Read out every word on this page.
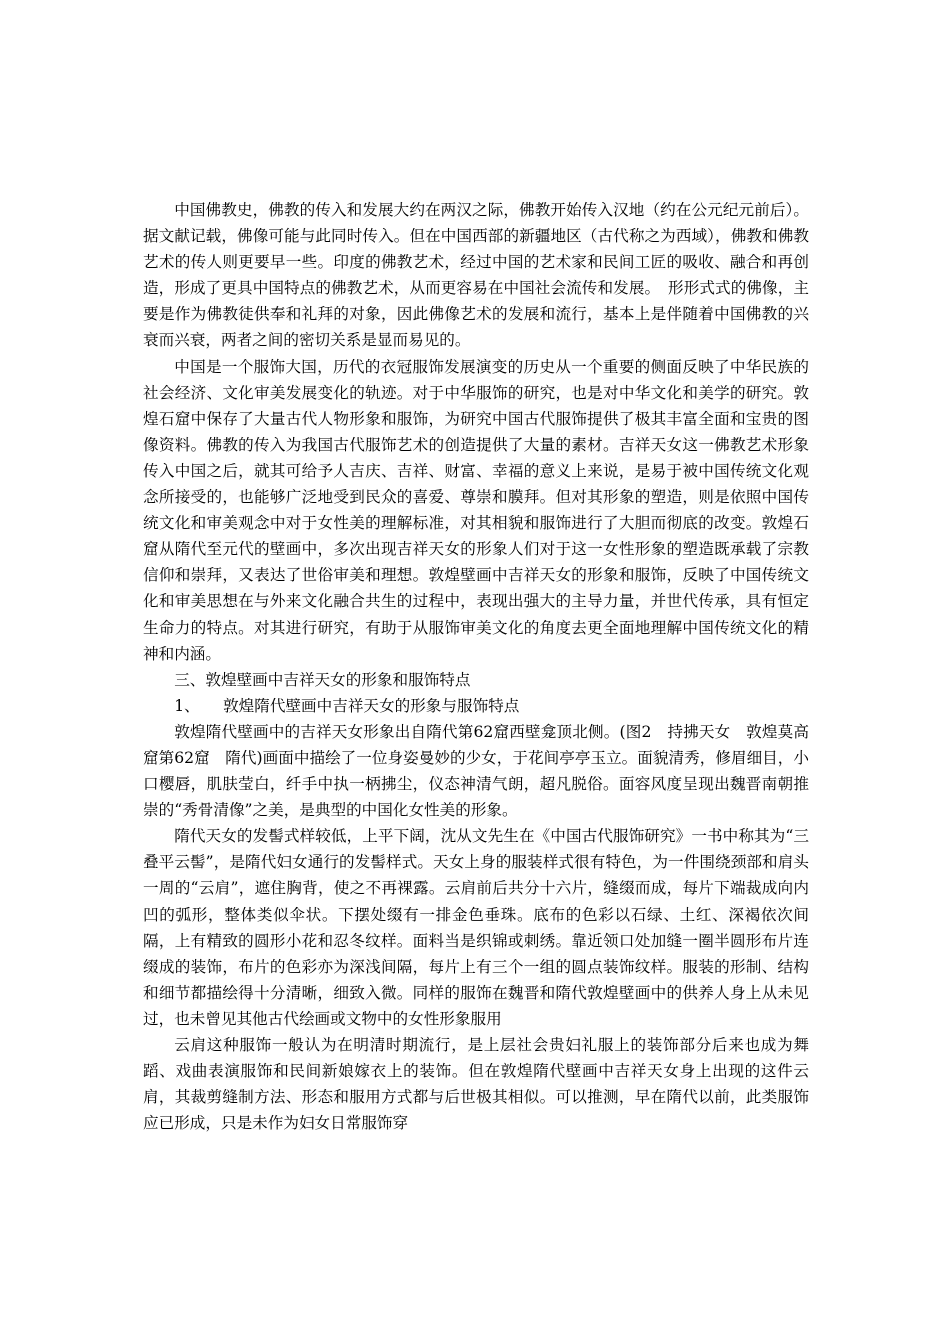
中国佛教史，佛教的传入和发展大约在两汉之际，佛教开始传入汉地（约在公元纪元前后）。据文献记载，佛像可能与此同时传入。但在中国西部的新疆地区（古代称之为西域），佛教和佛教艺术的传人则更要早一些。印度的佛教艺术，经过中国的艺术家和民间工匠的吸收、融合和再创造，形成了更具中国特点的佛教艺术，从而更容易在中国社会流传和发展。　形形式式的佛像，主要是作为佛教徒供奉和礼拜的对象，因此佛像艺术的发展和流行，基本上是伴随着中国佛教的兴衰而兴衰，两者之间的密切关系是显而易见的。

中国是一个服饰大国，历代的衣冠服饰发展演变的历史从一个重要的侧面反映了中华民族的社会经济、文化审美发展变化的轨迹。对于中华服饰的研究，也是对中华文化和美学的研究。敦煌石窟中保存了大量古代人物形象和服饰，为研究中国古代服饰提供了极其丰富全面和宝贵的图像资料。佛教的传入为我国古代服饰艺术的创造提供了大量的素材。吉祥天女这一佛教艺术形象传入中国之后，就其可给予人吉庆、吉祥、财富、幸福的意义上来说，是易于被中国传统文化观念所接受的，也能够广泛地受到民众的喜爱、尊崇和膜拜。但对其形象的塑造，则是依照中国传统文化和审美观念中对于女性美的理解标准，对其相貌和服饰进行了大胆而彻底的改变。敦煌石窟从隋代至元代的壁画中，多次出现吉祥天女的形象人们对于这一女性形象的塑造既承载了宗教信仰和崇拜，又表达了世俗审美和理想。敦煌壁画中吉祥天女的形象和服饰，反映了中国传统文化和审美思想在与外来文化融合共生的过程中，表现出强大的主导力量，并世代传承，具有恒定生命力的特点。对其进行研究，有助于从服饰审美文化的角度去更全面地理解中国传统文化的精神和内涵。

三、敦煌壁画中吉祥天女的形象和服饰特点

1、　　敦煌隋代壁画中吉祥天女的形象与服饰特点

敦煌隋代壁画中的吉祥天女形象出自隋代第62窟西壁龛顶北侧。(图2　持拂天女　敦煌莫高窟第62窟　隋代)画面中描绘了一位身姿曼妙的少女，于花间亭亭玉立。面貌清秀，修眉细目，小口樱唇，肌肤莹白，纤手中执一柄拂尘，仪态神清气朗，超凡脱俗。面容风度呈现出魏晋南朝推崇的“秀骨清像”之美，是典型的中国化女性美的形象。

隋代天女的发髻式样较低，上平下阔，沈从文先生在《中国古代服饰研究》一书中称其为“三叠平云髻”，是隋代妇女通行的发髻样式。天女上身的服装样式很有特色，为一件围绕颈部和肩头一周的“云肩”，遮住胸背，使之不再裸露。云肩前后共分十六片，缝缀而成，每片下端裁成向内凹的弧形，整体类似伞状。下摆处缀有一排金色垂珠。底布的色彩以石绿、土红、深褐依次间隔，上有精致的圆形小花和忍冬纹样。面料当是织锦或刺绣。靠近领口处加缝一圈半圆形布片连缀成的装饰，布片的色彩亦为深浅间隔，每片上有三个一组的圆点装饰纹样。服装的形制、结构和细节都描绘得十分清晰，细致入微。同样的服饰在魏晋和隋代敦煌壁画中的供养人身上从未见过，也未曾见其他古代绘画或文物中的女性形象服用

云肩这种服饰一般认为在明清时期流行，是上层社会贵妇礼服上的装饰部分后来也成为舞蹈、戏曲表演服饰和民间新娘嫁衣上的装饰。但在敦煌隋代壁画中吉祥天女身上出现的这件云肩，其裁剪缝制方法、形态和服用方式都与后世极其相似。可以推测，早在隋代以前，此类服饰应已形成，只是未作为妇女日常服饰穿
